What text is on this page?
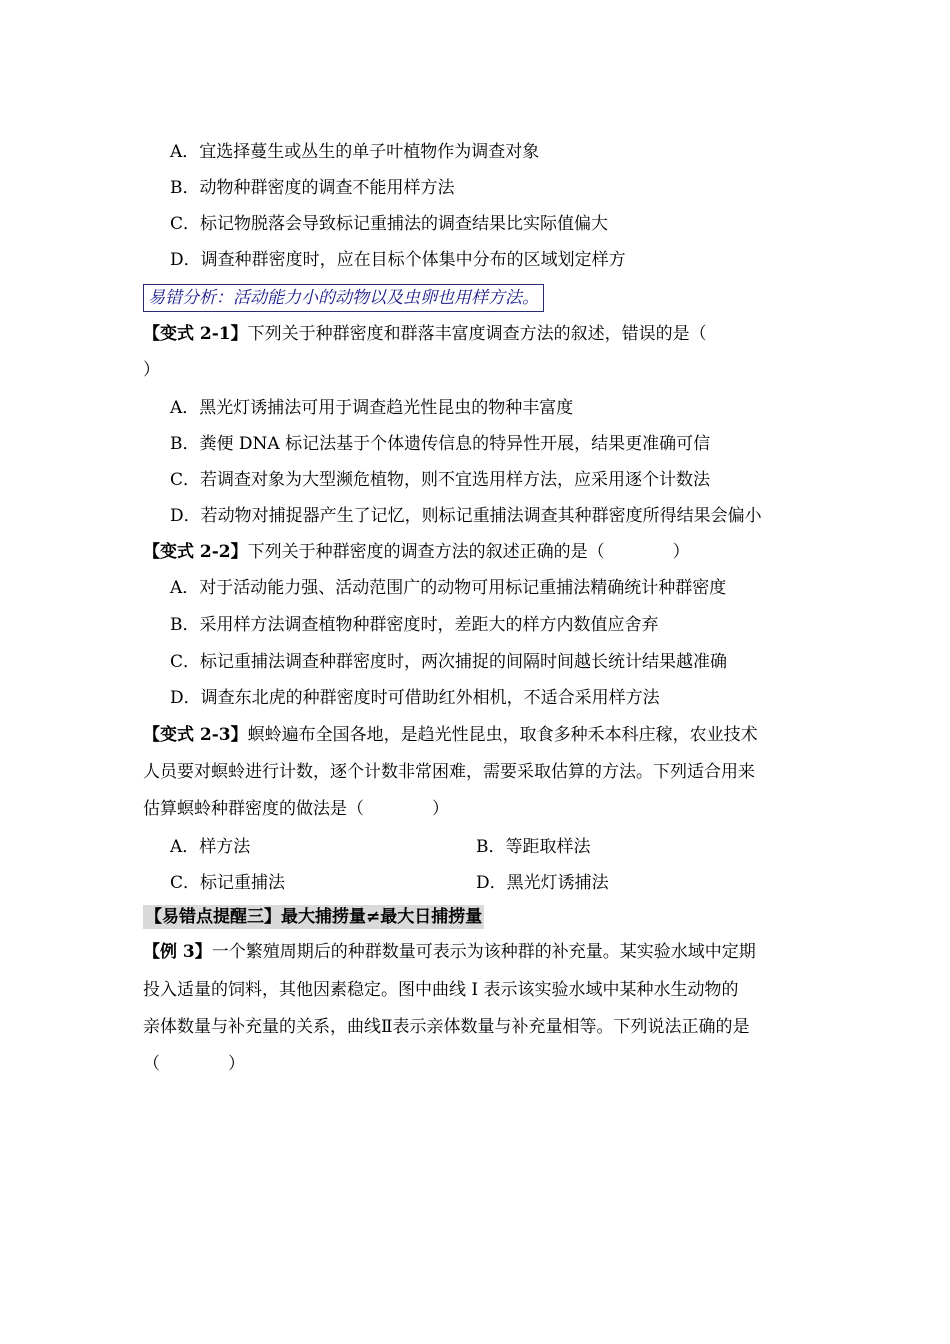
A．宜选择蔓生或丛生的单子叶植物作为调查对象
B．动物种群密度的调查不能用样方法
C．标记物脱落会导致标记重捕法的调查结果比实际值偏大
D．调查种群密度时，应在目标个体集中分布的区域划定样方
易错分析：活动能力小的动物以及虫卵也用样方法。
【变式 2-1】下列关于种群密度和群落丰富度调查方法的叙述，错误的是（
）
A．黑光灯诱捕法可用于调查趋光性昆虫的物种丰富度
B．粪便 DNA 标记法基于个体遗传信息的特异性开展，结果更准确可信
C．若调查对象为大型濒危植物，则不宜选用样方法，应采用逐个计数法
D．若动物对捕捉器产生了记忆，则标记重捕法调查其种群密度所得结果会偏小
【变式 2-2】下列关于种群密度的调查方法的叙述正确的是（　　　　）
A．对于活动能力强、活动范围广的动物可用标记重捕法精确统计种群密度
B．采用样方法调查植物种群密度时，差距大的样方内数值应舍弃
C．标记重捕法调查种群密度时，两次捕捉的间隔时间越长统计结果越准确
D．调查东北虎的种群密度时可借助红外相机，不适合采用样方法
【变式 2-3】螟蛉遍布全国各地，是趋光性昆虫，取食多种禾本科庄稼，农业技术
人员要对螟蛉进行计数，逐个计数非常困难，需要采取估算的方法。下列适合用来
估算螟蛉种群密度的做法是（　　　　）
A．样方法	B．等距取样法
C．标记重捕法	D．黑光灯诱捕法
【易错点提醒三】最大捕捞量≠最大日捕捞量
【例 3】一个繁殖周期后的种群数量可表示为该种群的补充量。某实验水域中定期
投入适量的饲料，其他因素稳定。图中曲线 I 表示该实验水域中某种水生动物的
亲体数量与补充量的关系，曲线Ⅱ表示亲体数量与补充量相等。下列说法正确的是
（　　　　）
